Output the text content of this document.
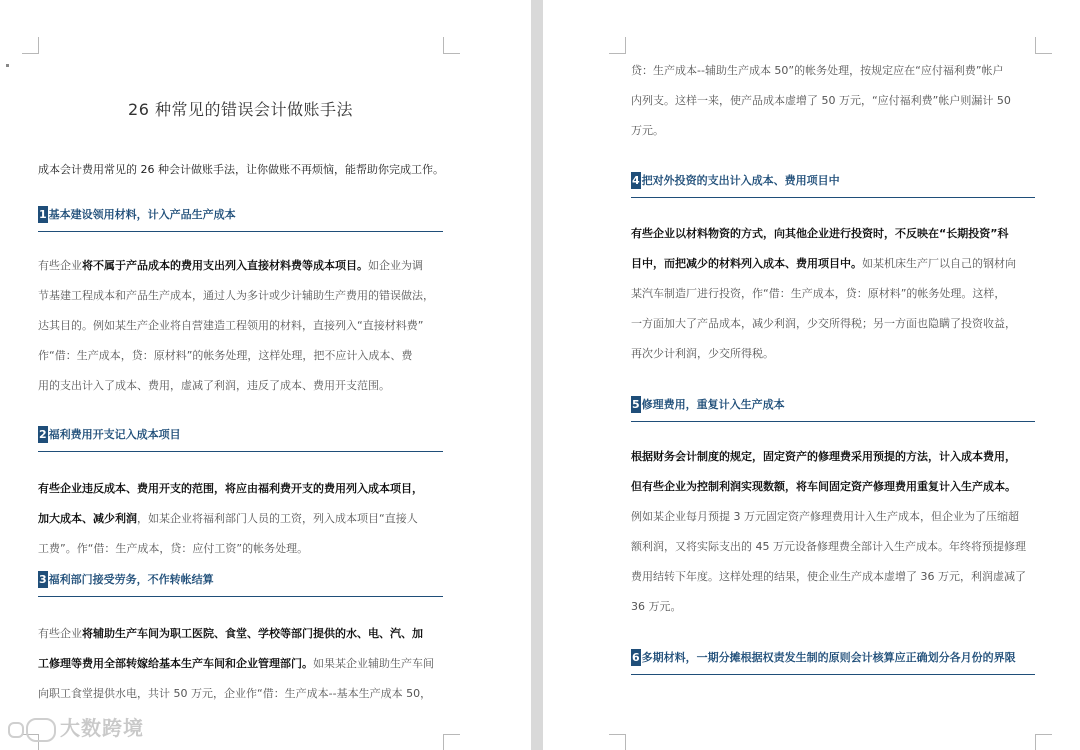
26 种常见的错误会计做账手法
成本会计费用常见的 26 种会计做账手法，让你做账不再烦恼，能帮助你完成工作。
1 基本建设领用材料，计入产品生产成本
有些企业将不属于产品成本的费用支出列入直接材料费等成本项目。如企业为调
节基建工程成本和产品生产成本，通过人为多计或少计辅助生产费用的错误做法，
达其目的。例如某生产企业将自营建造工程领用的材料，直接列入“直接材料费”
作“借：生产成本，贷：原材料”的帐务处理，这样处理，把不应计入成本、费
用的支出计入了成本、费用，虚减了利润，违反了成本、费用开支范围。
2 福利费用开支记入成本项目
有些企业违反成本、费用开支的范围，将应由福利费开支的费用列入成本项目，
加大成本、减少利润，如某企业将福利部门人员的工资，列入成本项目“直接人
工费”。作“借：生产成本，贷：应付工资”的帐务处理。
3 福利部门接受劳务，不作转帐结算
有些企业将辅助生产车间为职工医院、食堂、学校等部门提供的水、电、汽、加
工修理等费用全部转嫁给基本生产车间和企业管理部门。如果某企业辅助生产车间
向职工食堂提供水电，共计 50 万元，企业作“借：生产成本--基本生产成本 50，
大数跨境
贷：生产成本--辅助生产成本 50”的帐务处理，按规定应在“应付福利费”帐户
内列支。这样一来，使产品成本虚增了 50 万元，“应付福利费”帐户则漏计 50
万元。
4 把对外投资的支出计入成本、费用项目中
有些企业以材料物资的方式，向其他企业进行投资时，不反映在“长期投资”科
目中，而把减少的材料列入成本、费用项目中。如某机床生产厂以自己的钢材向
某汽车制造厂进行投资，作“借：生产成本，贷：原材料”的帐务处理。这样，
一方面加大了产品成本，减少利润，少交所得税；另一方面也隐瞒了投资收益，
再次少计利润，少交所得税。
5 修理费用，重复计入生产成本
根据财务会计制度的规定，固定资产的修理费采用预提的方法，计入成本费用，
但有些企业为控制利润实现数额，将车间固定资产修理费用重复计入生产成本。
例如某企业每月预提 3 万元固定资产修理费用计入生产成本，但企业为了压缩超
额利润，又将实际支出的 45 万元设备修理费全部计入生产成本。年终将预提修理
费用结转下年度。这样处理的结果，使企业生产成本虚增了 36 万元，利润虚减了
36 万元。
6 多期材料，一期分摊根据权责发生制的原则会计核算应正确划分各月份的界限
